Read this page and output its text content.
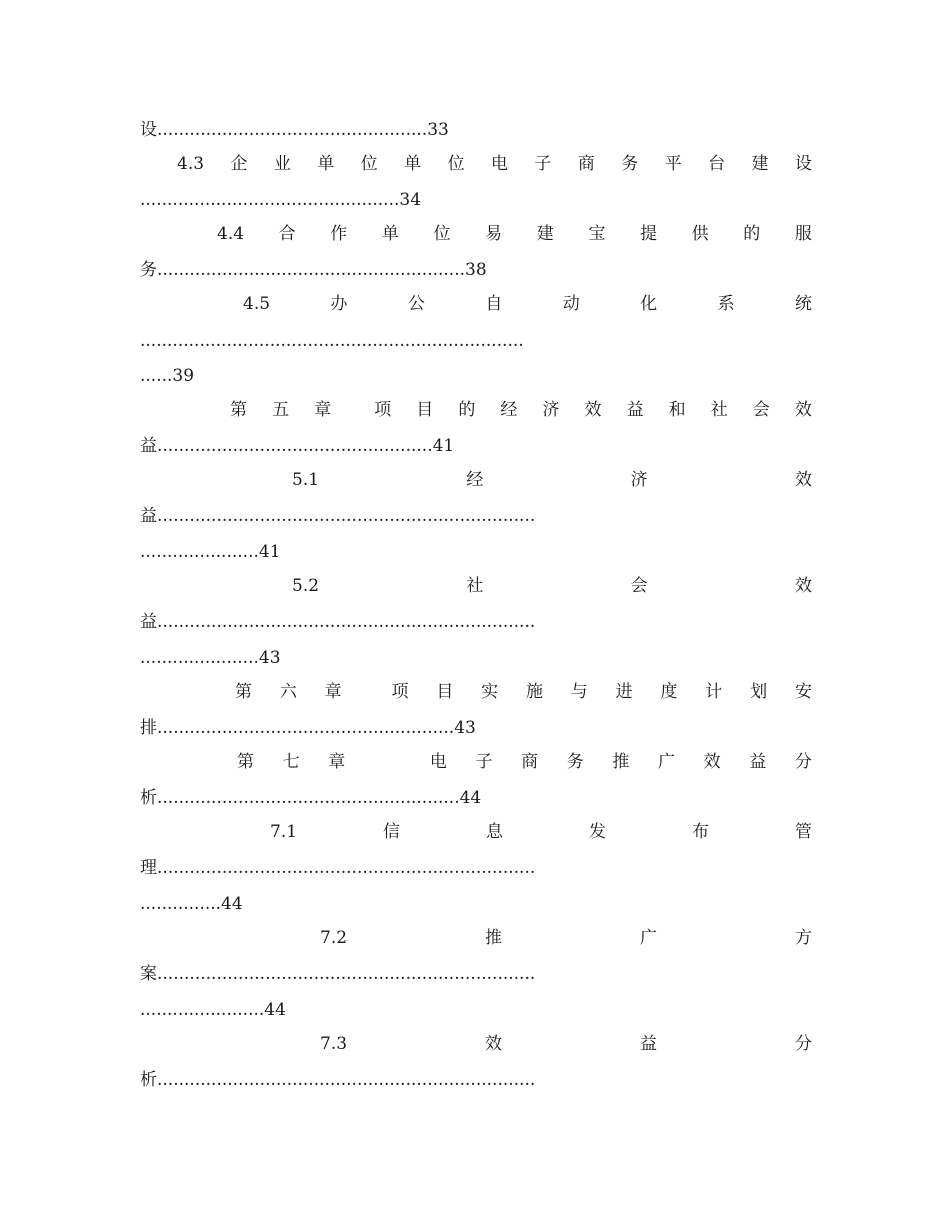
设..................................................33
4.3 企 业 单 位 单 位 电 子 商 务 平 台 建 设
................................................34
4.4 合 作 单 位 易 建 宝 提 供 的 服
务.........................................................38
4.5	办	公	自	动	化	系	统
.......................................................................
......39
第 五 章	项 目 的 经 济 效 益 和 社 会 效
益...................................................41
5.1	经	济	效
益......................................................................
......................41
5.2	社	会	效
益......................................................................
......................43
第 六 章	项 目 实 施 与 进 度 计 划 安
排.......................................................43
第 七 章	电 子 商 务 推 广 效 益 分
析........................................................44
7.1	信	息	发	布	管
理......................................................................
...............44
7.2	推	广	方
案......................................................................
.......................44
7.3	效	益	分
析......................................................................
